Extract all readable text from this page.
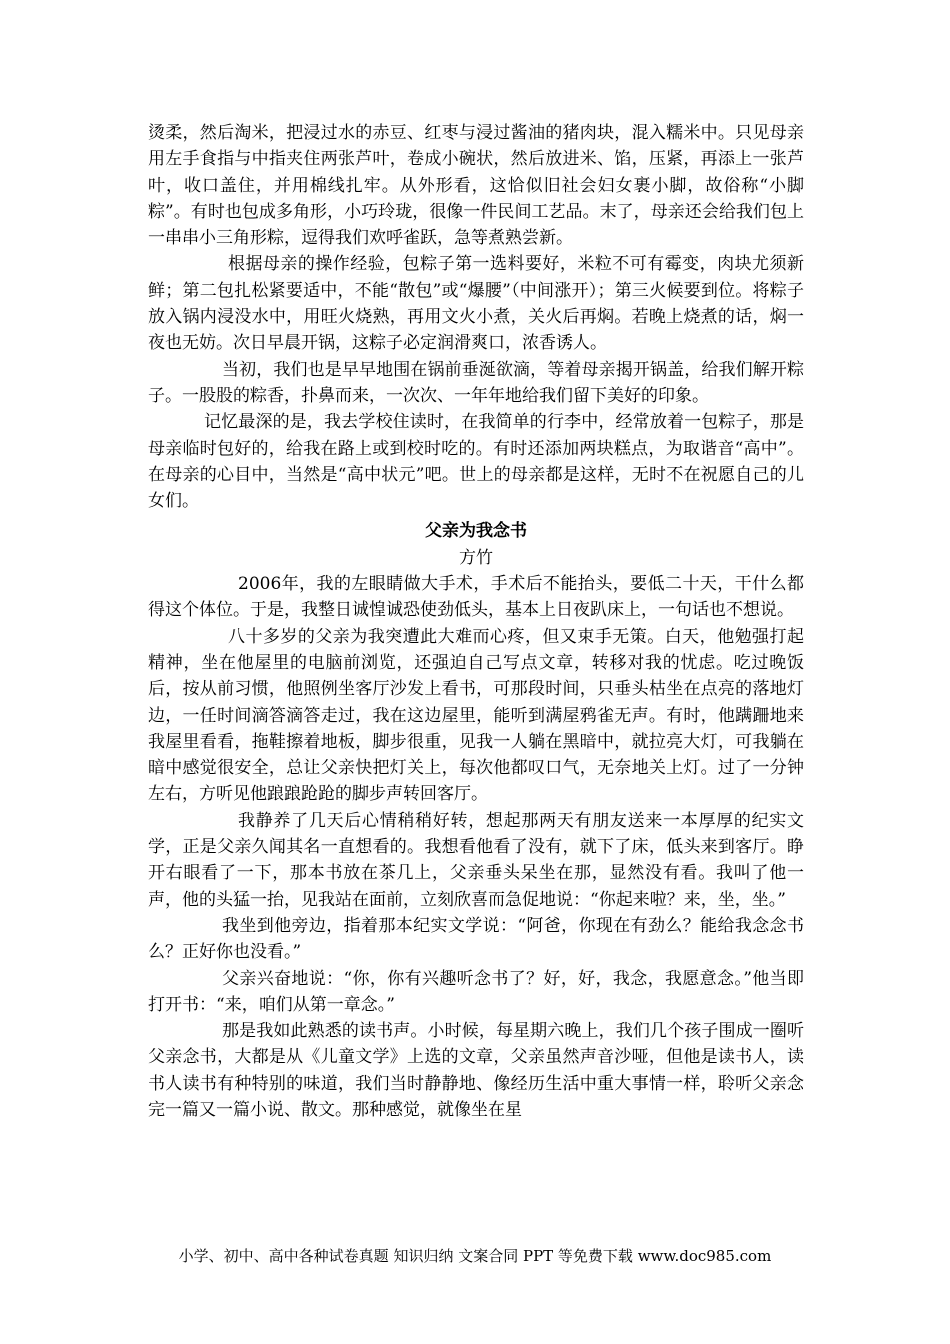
烫柔，然后淘米，把浸过水的赤豆、红枣与浸过酱油的猪肉块，混入糯米中。只见母亲用左手食指与中指夹住两张芦叶，卷成小碗状，然后放进米、馅，压紧，再添上一张芦叶，收口盖住，并用棉线扎牢。从外形看，这恰似旧社会妇女裹小脚，故俗称“小脚粽”。有时也包成多角形，小巧玲珑，很像一件民间工艺品。末了，母亲还会给我们包上一串串小三角形粽，逗得我们欢呼雀跃，急等煮熟尝新。

根据母亲的操作经验，包粽子第一选料要好，米粒不可有霉变，肉块尤须新鲜；第二包扎松紧要适中，不能“散包”或“爆腰”（中间涨开）；第三火候要到位。将粽子放入锅内浸没水中，用旺火烧熟，再用文火小煮，关火后再焖。若晚上烧煮的话，焖一夜也无妨。次日早晨开锅，这粽子必定润滑爽口，浓香诱人。

当初，我们也是早早地围在锅前垂涎欲滴，等着母亲揭开锅盖，给我们解开粽子。一股股的粽香，扑鼻而来，一次次、一年年地给我们留下美好的印象。

记忆最深的是，我去学校住读时，在我简单的行李中，经常放着一包粽子，那是母亲临时包好的，给我在路上或到校时吃的。有时还添加两块糕点，为取谐音“高中”。在母亲的心目中，当然是“高中状元”吧。世上的母亲都是这样，无时不在祝愿自己的儿女们。

父亲为我念书

方竹

2006年，我的左眼睛做大手术，手术后不能抬头，要低二十天，干什么都得这个体位。于是，我整日诚惶诚恐使劲低头，基本上日夜趴床上，一句话也不想说。

八十多岁的父亲为我突遭此大难而心疼，但又束手无策。白天，他勉强打起精神，坐在他屋里的电脑前浏览，还强迫自己写点文章，转移对我的忧虑。吃过晚饭后，按从前习惯，他照例坐客厅沙发上看书，可那段时间，只垂头枯坐在点亮的落地灯边，一任时间滴答滴答走过，我在这边屋里，能听到满屋鸦雀无声。有时，他蹒跚地来我屋里看看，拖鞋擦着地板，脚步很重，见我一人躺在黑暗中，就拉亮大灯，可我躺在暗中感觉很安全，总让父亲快把灯关上，每次他都叹口气，无奈地关上灯。过了一分钟左右，方听见他踉踉跄跄的脚步声转回客厅。

我静养了几天后心情稍稍好转，想起那两天有朋友送来一本厚厚的纪实文学，正是父亲久闻其名一直想看的。我想看他看了没有，就下了床，低头来到客厅。睁开右眼看了一下，那本书放在茶几上，父亲垂头呆坐在那，显然没有看。我叫了他一声，他的头猛一抬，见我站在面前，立刻欣喜而急促地说：“你起来啦？来，坐，坐。”

我坐到他旁边，指着那本纪实文学说：“阿爸，你现在有劲么？能给我念念书么？正好你也没看。”

父亲兴奋地说：“你，你有兴趣听念书了？好，好，我念，我愿意念。”他当即打开书：“来，咱们从第一章念。”

那是我如此熟悉的读书声。小时候，每星期六晚上，我们几个孩子围成一圈听父亲念书，大都是从《儿童文学》上选的文章，父亲虽然声音沙哑，但他是读书人，读书人读书有种特别的味道，我们当时静静地、像经历生活中重大事情一样，聆听父亲念完一篇又一篇小说、散文。那种感觉，就像坐在星

小学、初中、高中各种试卷真题 知识归纳 文案合同 PPT 等免费下载 www.doc985.com
